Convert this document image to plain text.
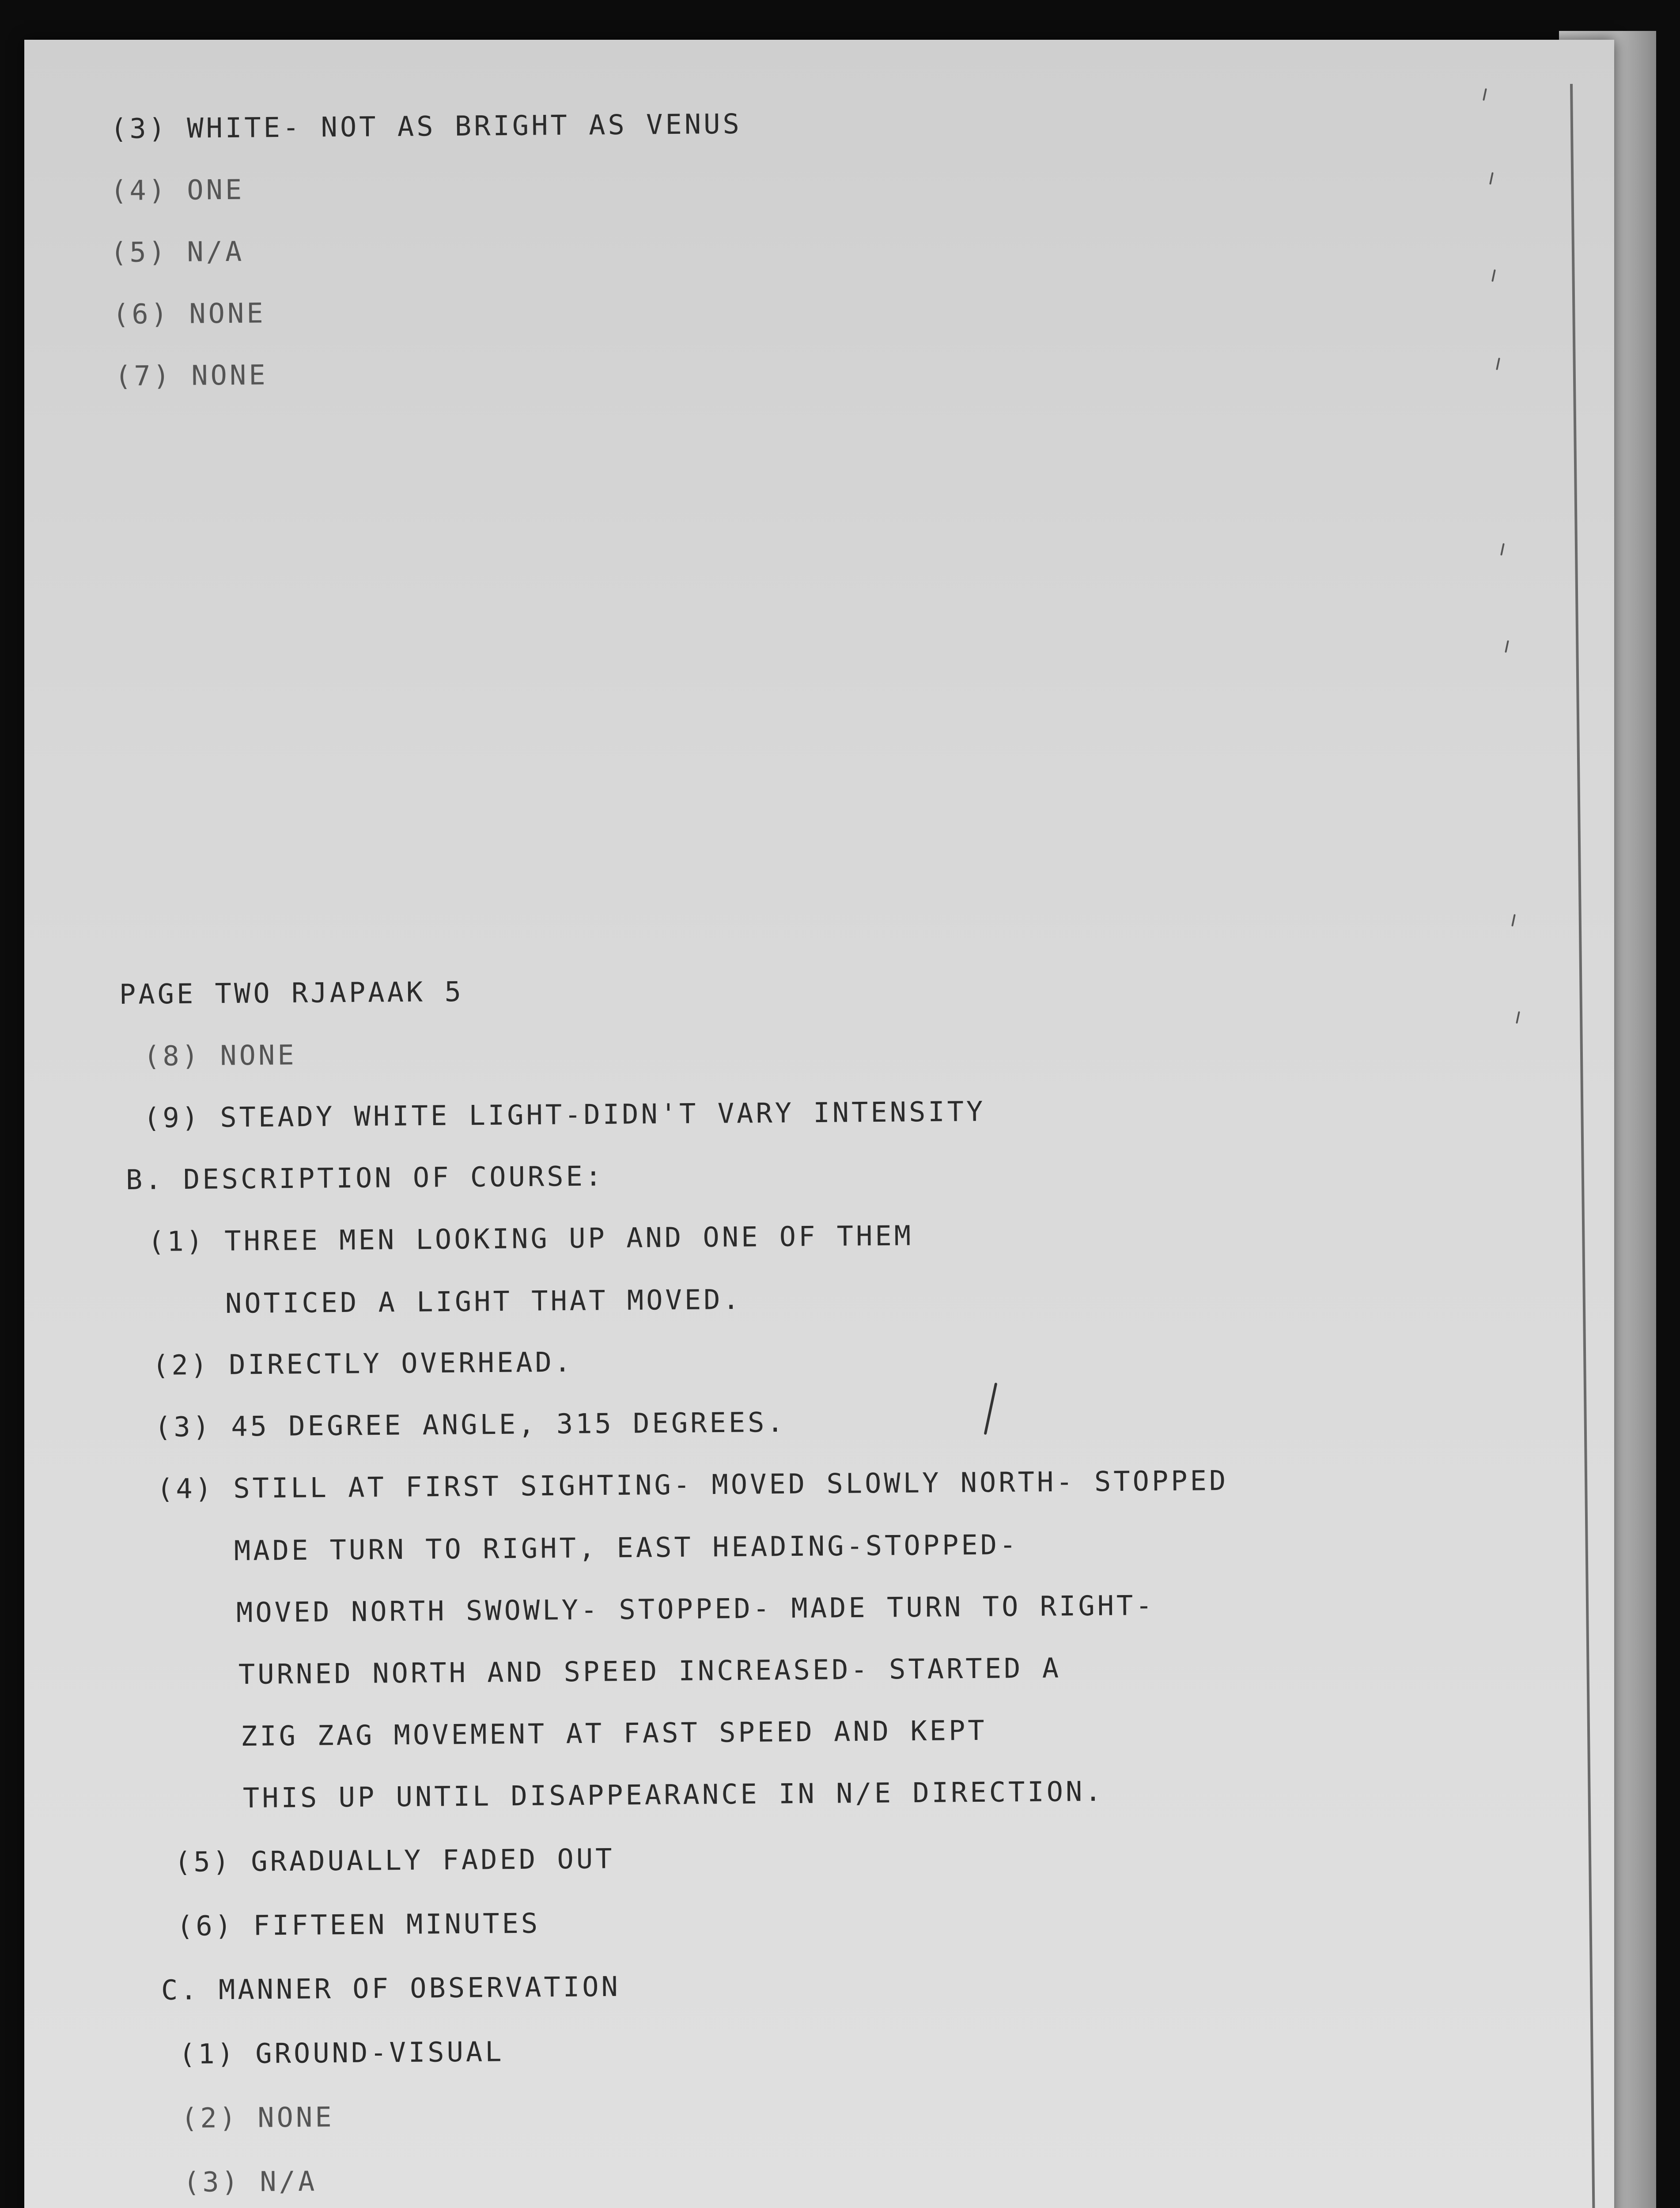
(3) WHITE- NOT AS BRIGHT AS VENUS
(4) ONE
(5) N/A
(6) NONE
(7) NONE
PAGE TWO RJAPAAK 5
(8) NONE
(9) STEADY WHITE LIGHT-DIDN'T VARY INTENSITY
B. DESCRIPTION OF COURSE:
(1) THREE MEN LOOKING UP AND ONE OF THEM
NOTICED A LIGHT THAT MOVED.
(2) DIRECTLY OVERHEAD.
(3) 45 DEGREE ANGLE, 315 DEGREES.
(4) STILL AT FIRST SIGHTING- MOVED SLOWLY NORTH- STOPPED
MADE TURN TO RIGHT, EAST HEADING-STOPPED-
MOVED NORTH SWOWLY- STOPPED- MADE TURN TO RIGHT-
TURNED NORTH AND SPEED INCREASED- STARTED A
ZIG ZAG MOVEMENT AT FAST SPEED AND KEPT
THIS UP UNTIL DISAPPEARANCE IN N/E DIRECTION.
(5) GRADUALLY FADED OUT
(6) FIFTEEN MINUTES
C. MANNER OF OBSERVATION
(1) GROUND-VISUAL
(2) NONE
(3) N/A
